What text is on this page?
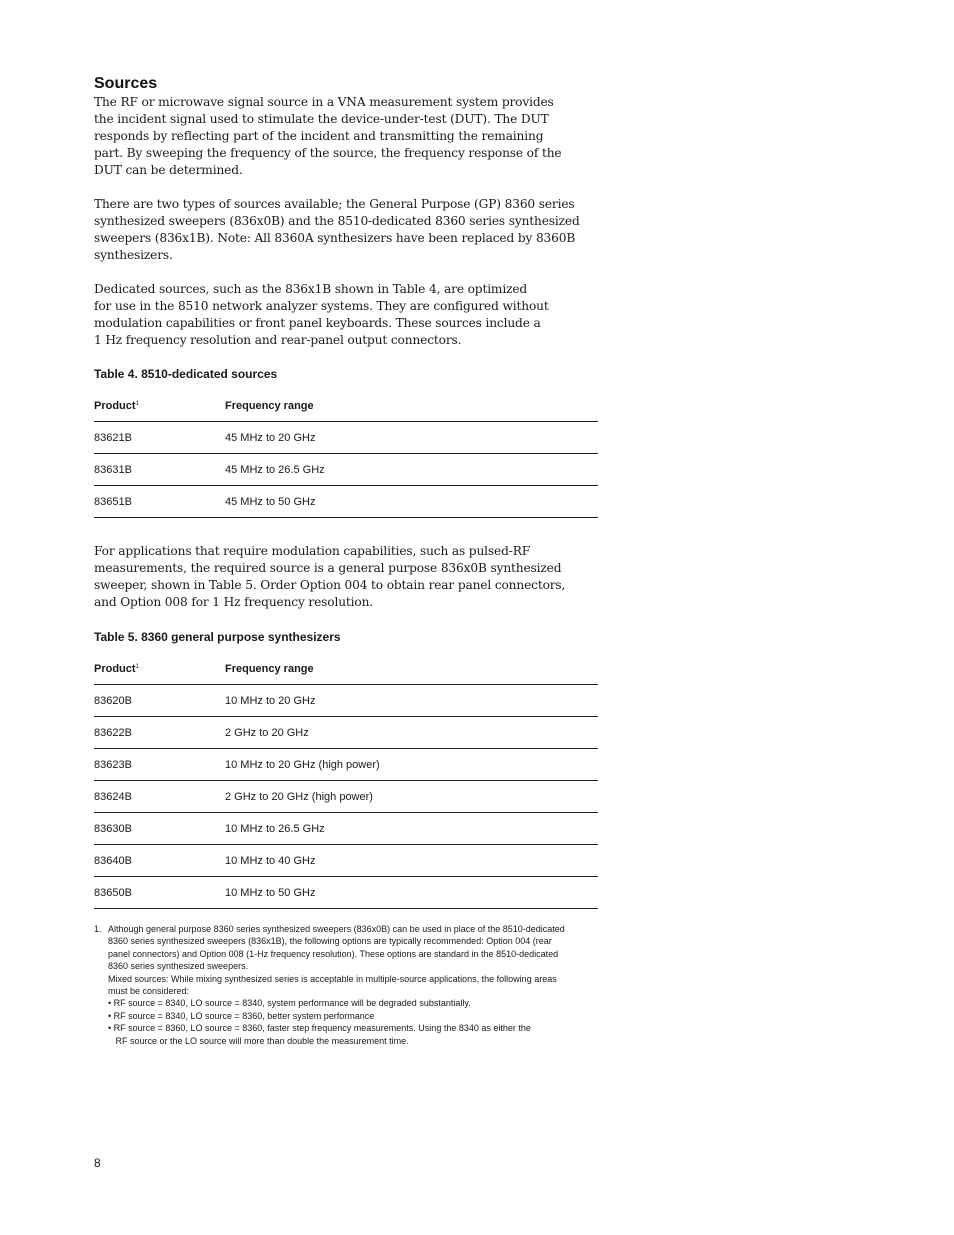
Sources
The RF or microwave signal source in a VNA measurement system provides
the incident signal used to stimulate the device-under-test (DUT). The DUT
responds by reflecting part of the incident and transmitting the remaining
part. By sweeping the frequency of the source, the frequency response of the
DUT can be determined.
There are two types of sources available; the General Purpose (GP) 8360 series
synthesized sweepers (836x0B) and the 8510-dedicated 8360 series synthesized
sweepers (836x1B). Note: All 8360A synthesizers have been replaced by 8360B
synthesizers.
Dedicated sources, such as the 836x1B shown in Table 4, are optimized
for use in the 8510 network analyzer systems. They are configured without
modulation capabilities or front panel keyboards. These sources include a
1 Hz frequency resolution and rear-panel output connectors.
Table 4. 8510-dedicated sources
Product$^1$	Frequency range
83621B	45 MHz to 20 GHz
83631B	45 MHz to 26.5 GHz
83651B	45 MHz to 50 GHz
For applications that require modulation capabilities, such as pulsed-RF
measurements, the required source is a general purpose 836x0B synthesized
sweeper, shown in Table 5. Order Option 004 to obtain rear panel connectors,
and Option 008 for 1 Hz frequency resolution.
Table 5. 8360 general purpose synthesizers
Product$^1$	Frequency range
83620B	10 MHz to 20 GHz
83622B	2 GHz to 20 GHz
83623B	10 MHz to 20 GHz (high power)
83624B	2 GHz to 20 GHz (high power)
83630B	10 MHz to 26.5 GHz
83640B	10 MHz to 40 GHz
83650B	10 MHz to 50 GHz
1. Although general purpose 8360 series synthesized sweepers (836x0B) can be used in place of the 8510-dedicated
8360 series synthesized sweepers (836x1B), the following options are typically recommended: Option 004 (rear
panel connectors) and Option 008 (1-Hz frequency resolution). These options are standard in the 8510-dedicated
8360 series synthesized sweepers.
Mixed sources: While mixing synthesized series is acceptable in multiple-source applications, the following areas
must be considered:
• RF source = 8340, LO source = 8340, system performance will be degraded substantially.
• RF source = 8340, LO source = 8360, better system performance
• RF source = 8360, LO source = 8360, faster step frequency measurements. Using the 8340 as either the
RF source or the LO source will more than double the measurement time.
8
